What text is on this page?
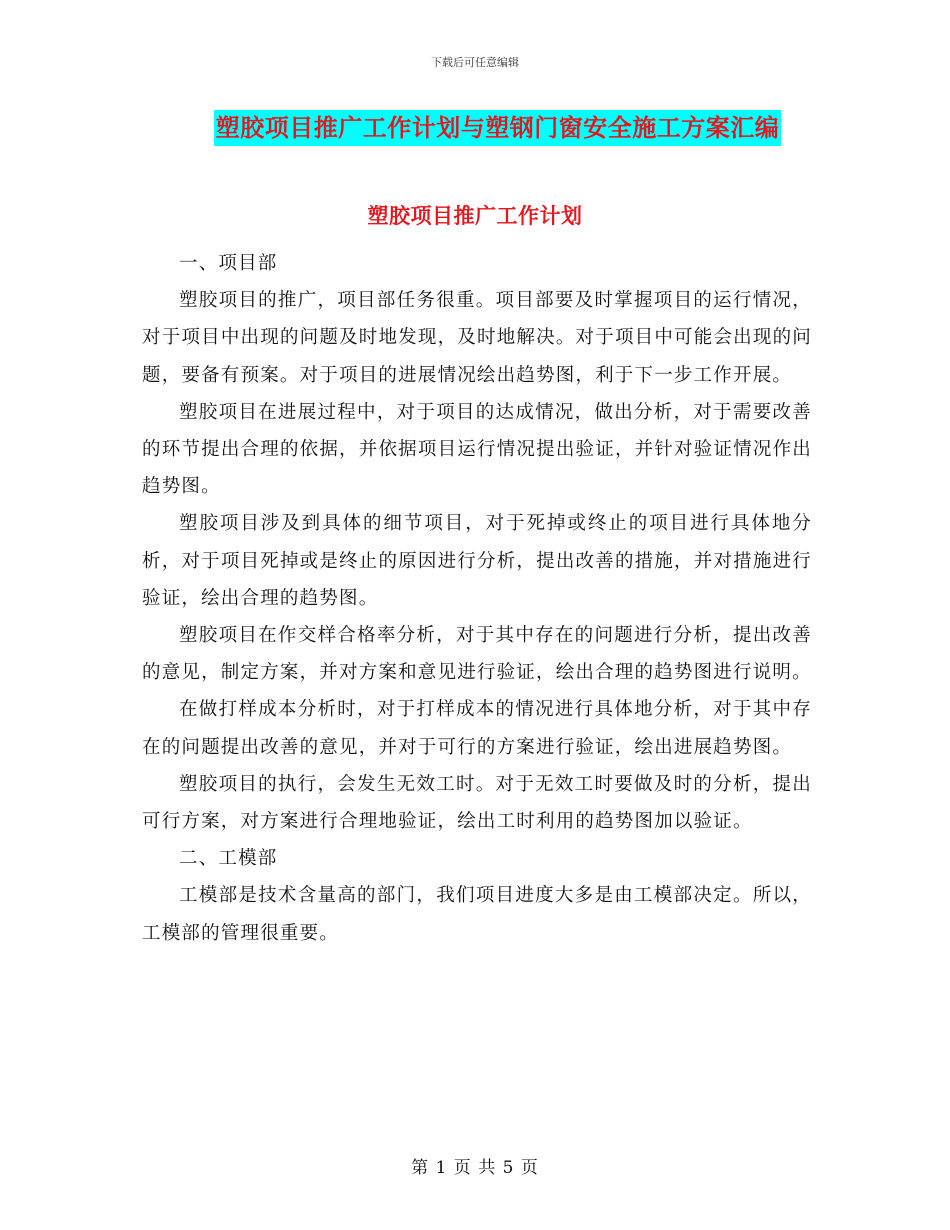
下载后可任意编辑
塑胶项目推广工作计划与塑钢门窗安全施工方案汇编
塑胶项目推广工作计划

一、项目部

塑胶项目的推广，项目部任务很重。项目部要及时掌握项目的运行情况，对于项目中出现的问题及时地发现，及时地解决。对于项目中可能会出现的问题，要备有预案。对于项目的进展情况绘出趋势图，利于下一步工作开展。

塑胶项目在进展过程中，对于项目的达成情况，做出分析，对于需要改善的环节提出合理的依据，并依据项目运行情况提出验证，并针对验证情况作出趋势图。

塑胶项目涉及到具体的细节项目，对于死掉或终止的项目进行具体地分析，对于项目死掉或是终止的原因进行分析，提出改善的措施，并对措施进行验证，绘出合理的趋势图。

塑胶项目在作交样合格率分析，对于其中存在的问题进行分析，提出改善的意见，制定方案，并对方案和意见进行验证，绘出合理的趋势图进行说明。

在做打样成本分析时，对于打样成本的情况进行具体地分析，对于其中存在的问题提出改善的意见，并对于可行的方案进行验证，绘出进展趋势图。

塑胶项目的执行，会发生无效工时。对于无效工时要做及时的分析，提出可行方案，对方案进行合理地验证，绘出工时利用的趋势图加以验证。

二、工模部

工模部是技术含量高的部门，我们项目进度大多是由工模部决定。所以，工模部的管理很重要。

第 1 页 共 5 页
